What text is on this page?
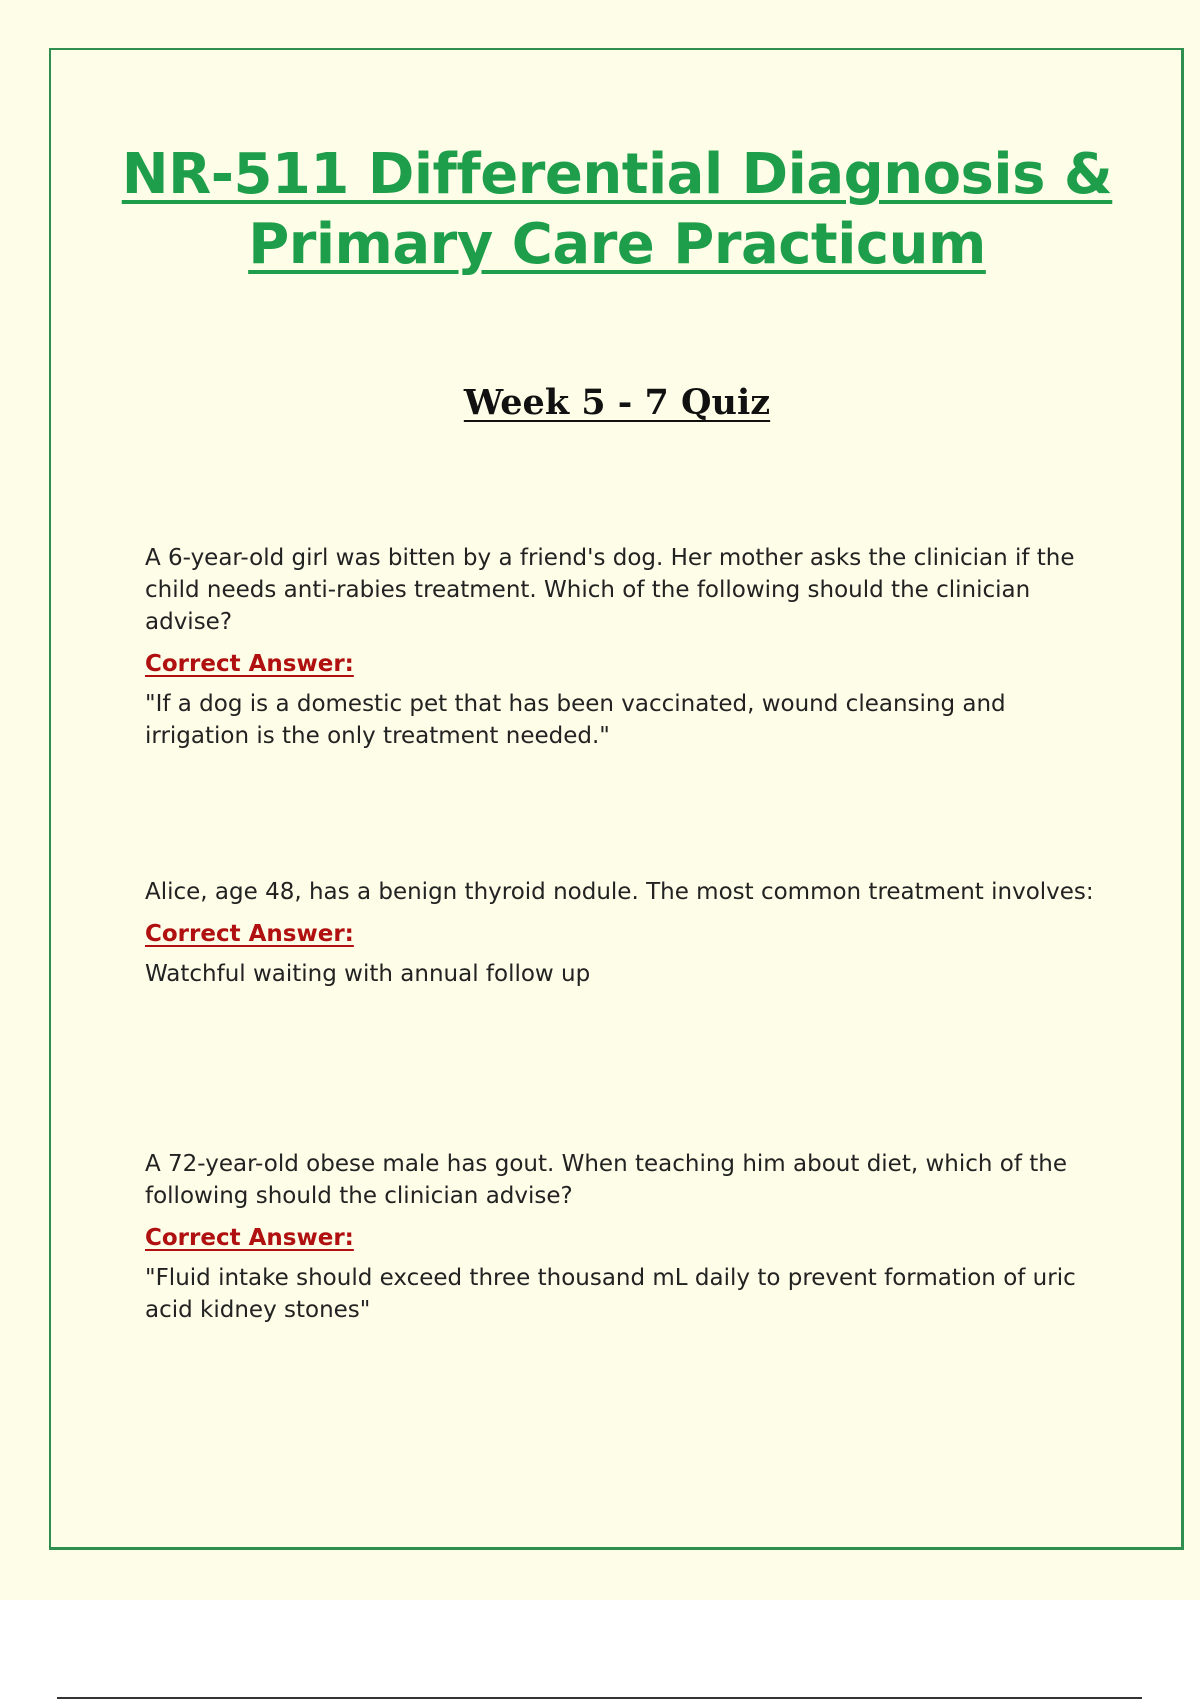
NR-511 Differential Diagnosis & Primary Care Practicum
Week 5 - 7 Quiz

A 6-year-old girl was bitten by a friend's dog. Her mother asks the clinician if the child needs anti-rabies treatment. Which of the following should the clinician advise?

Correct Answer:

"If a dog is a domestic pet that has been vaccinated, wound cleansing and irrigation is the only treatment needed."

Alice, age 48, has a benign thyroid nodule. The most common treatment involves:

Correct Answer:

Watchful waiting with annual follow up

A 72-year-old obese male has gout. When teaching him about diet, which of the following should the clinician advise?

Correct Answer:

"Fluid intake should exceed three thousand mL daily to prevent formation of uric acid kidney stones"
